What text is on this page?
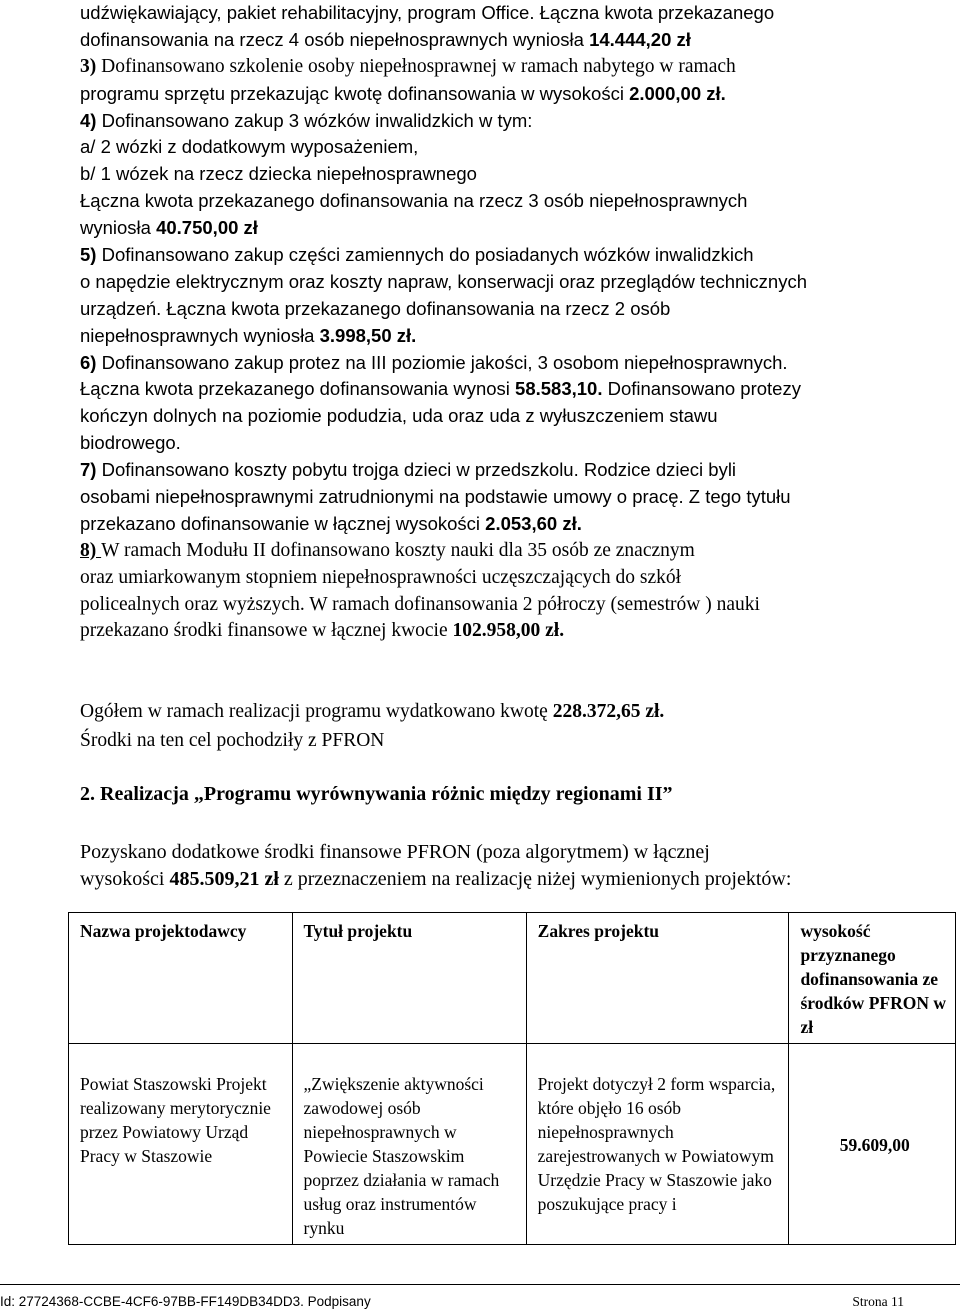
udźwiękawiający, pakiet rehabilitacyjny, program Office. Łączna kwota przekazanego
dofinansowania na rzecz 4 osób niepełnosprawnych wyniosła 14.444,20 zł
3) Dofinansowano szkolenie osoby niepełnosprawnej w ramach nabytego w ramach
programu sprzętu przekazując kwotę dofinansowania w wysokości 2.000,00 zł.
4) Dofinansowano zakup 3 wózków inwalidzkich w tym:
a/ 2 wózki z dodatkowym wyposażeniem,
b/ 1 wózek na rzecz dziecka niepełnosprawnego
Łączna kwota przekazanego dofinansowania na rzecz 3 osób niepełnosprawnych
wyniosła 40.750,00 zł
5) Dofinansowano zakup części zamiennych do posiadanych wózków inwalidzkich
o napędzie elektrycznym oraz koszty napraw, konserwacji oraz przeglądów technicznych
urządzeń. Łączna kwota przekazanego dofinansowania na rzecz 2 osób
niepełnosprawnych wyniosła 3.998,50 zł.
6) Dofinansowano zakup protez na III poziomie jakości, 3 osobom niepełnosprawnych.
Łączna kwota przekazanego dofinansowania wynosi 58.583,10. Dofinansowano protezy
kończyn dolnych na poziomie podudzia, uda oraz uda z wyłuszczeniem stawu
biodrowego.
7) Dofinansowano koszty pobytu trojga dzieci w przedszkolu. Rodzice dzieci byli
osobami niepełnosprawnymi zatrudnionymi na podstawie umowy o pracę. Z tego tytułu
przekazano dofinansowanie w łącznej wysokości 2.053,60 zł.
8) W ramach Modułu II dofinansowano koszty nauki dla 35 osób ze znacznym
oraz umiarkowanym stopniem niepełnosprawności uczęszczających do szkół
policealnych oraz wyższych. W ramach dofinansowania 2 półroczy (semestrów ) nauki
przekazano środki finansowe w łącznej kwocie 102.958,00 zł.
Ogółem w ramach realizacji programu wydatkowano kwotę 228.372,65 zł.
Środki na ten cel pochodziły z PFRON
2. Realizacja „Programu wyrównywania różnic między regionami II”
Pozyskano dodatkowe środki finansowe PFRON (poza algorytmem) w łącznej
wysokości 485.509,21 zł z przeznaczeniem na realizację niżej wymienionych projektów:
Nazwa projektodawcy	Tytuł projektu	Zakres projektu	wysokość przyznanego dofinansowania ze środków PFRON w zł
Powiat Staszowski Projekt realizowany merytorycznie przez Powiatowy Urząd Pracy w Staszowie	„Zwiększenie aktywności zawodowej osób niepełnosprawnych w Powiecie Staszowskim poprzez działania w ramach usług oraz instrumentów rynku	Projekt dotyczył 2 form wsparcia, które objęło 16 osób niepełnosprawnych zarejestrowanych w Powiatowym Urzędzie Pracy w Staszowie jako poszukujące pracy i	59.609,00
Id: 27724368-CCBE-4CF6-97BB-FF149DB34DD3. Podpisany	Strona 11
